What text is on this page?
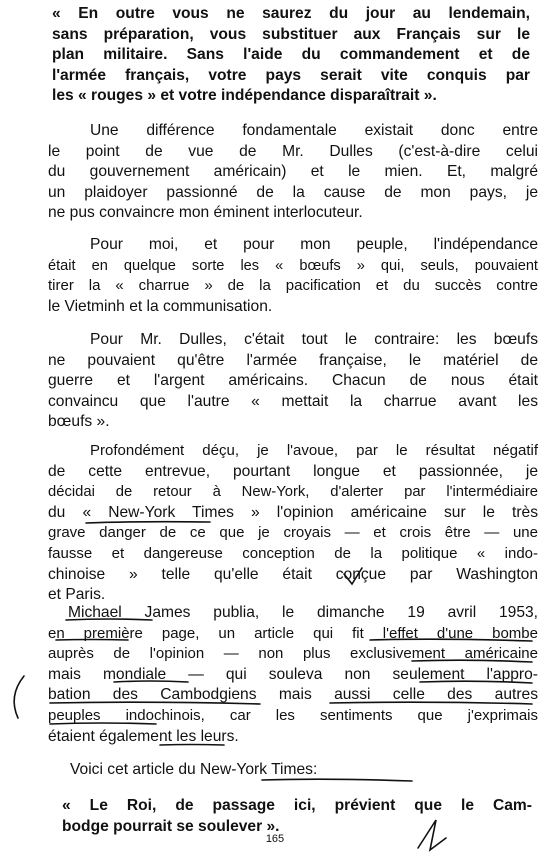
« En outre vous ne saurez du jour au lendemain,
sans préparation, vous substituer aux Français sur le
plan militaire. Sans l'aide du commandement et de
l'armée français, votre pays serait vite conquis par
les « rouges » et votre indépendance disparaîtrait ».
Une différence fondamentale existait donc entre
le point de vue de Mr. Dulles (c'est-à-dire celui
du gouvernement américain) et le mien. Et, malgré
un plaidoyer passionné de la cause de mon pays, je
ne pus convaincre mon éminent interlocuteur.
Pour moi, et pour mon peuple, l'indépendance
était en quelque sorte les « bœufs » qui, seuls, pouvaient
tirer la « charrue » de la pacification et du succès contre
le Vietminh et la communisation.
Pour Mr. Dulles, c'était tout le contraire: les bœufs
ne pouvaient qu'être l'armée française, le matériel de
guerre et l'argent américains. Chacun de nous était
convaincu que l'autre « mettait la charrue avant les
bœufs ».
Profondément déçu, je l'avoue, par le résultat négatif
de cette entrevue, pourtant longue et passionnée, je
décidai de retour à New-York, d'alerter par l'intermédiaire
du « New-York Times » l'opinion américaine sur le très
grave danger de ce que je croyais — et crois être — une
fausse et dangereuse conception de la politique « indo-
chinoise » telle qu'elle était conçue par Washington
et Paris.
Michael James publia, le dimanche 19 avril 1953,
en première page, un article qui fit l'effet d'une bombe
auprès de l'opinion — non plus exclusivement américaine
mais mondiale — qui souleva non seulement l'appro-
bation des Cambodgiens mais aussi celle des autres
peuples indochinois, car les sentiments que j'exprimais
étaient également les leurs.
Voici cet article du New-York Times:
« Le Roi, de passage ici, prévient que le Cam-
bodge pourrait se soulever ».
165
